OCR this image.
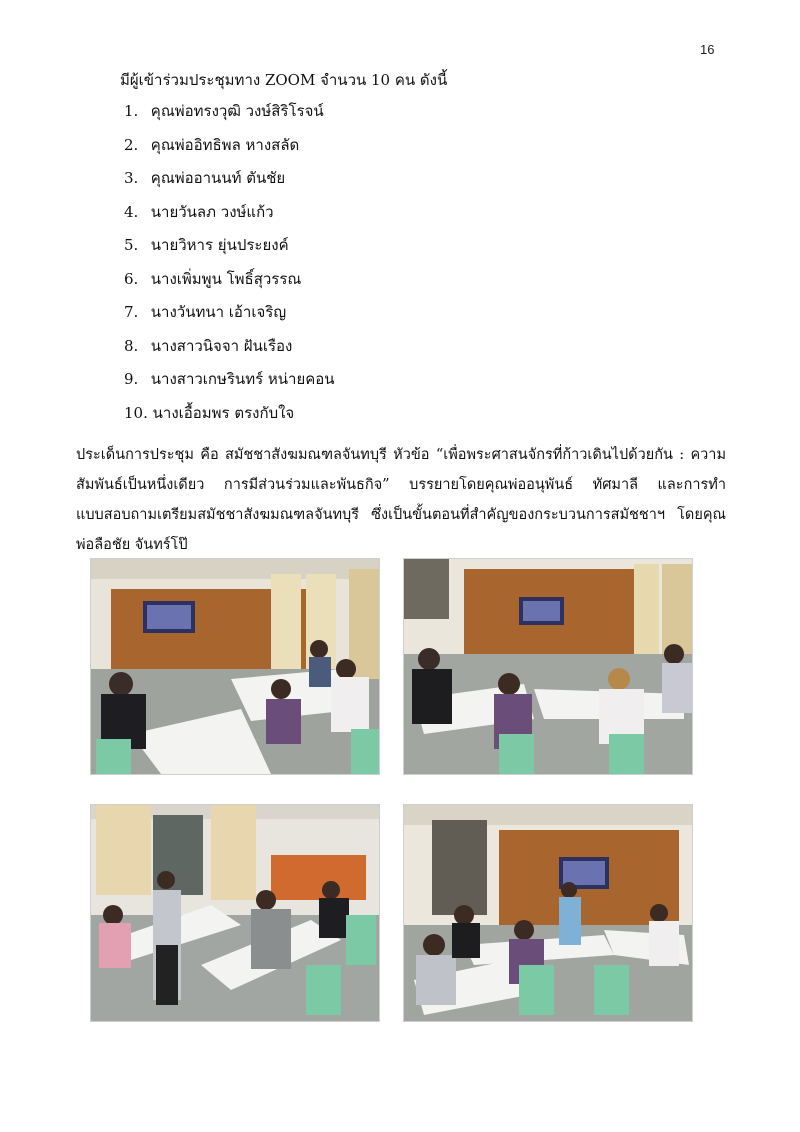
16
มีผู้เข้าร่วมประชุมทาง ZOOM จำนวน 10 คน ดังนี้
1. คุณพ่อทรงวุฒิ วงษ์สิริโรจน์
2. คุณพ่ออิทธิพล หางสลัด
3. คุณพ่ออานนท์ ตันชัย
4. นายวันลภ วงษ์แก้ว
5. นายวิหาร ยุ่นประยงค์
6. นางเพิ่มพูน โพธิ์สุวรรณ
7. นางวันทนา เอ้าเจริญ
8. นางสาวนิจจา ฝันเรือง
9. นางสาวเกษรินทร์ หน่ายคอน
10. นางเอื้อมพร ตรงกับใจ
ประเด็นการประชุม คือ สมัชชาสังฆมณฑลจันทบุรี หัวข้อ “เพื่อพระศาสนจักรที่ก้าวเดินไปด้วยกัน : ความสัมพันธ์เป็นหนึ่งเดียว การมีส่วนร่วมและพันธกิจ” บรรยายโดยคุณพ่ออนุพันธ์ ทัศมาลี และการทำแบบสอบถามเตรียมสมัชชาสังฆมณฑลจันทบุรี ซึ่งเป็นขั้นตอนที่สำคัญของกระบวนการสมัชชาฯ โดยคุณพ่อลือชัย จันทร์โป๊
